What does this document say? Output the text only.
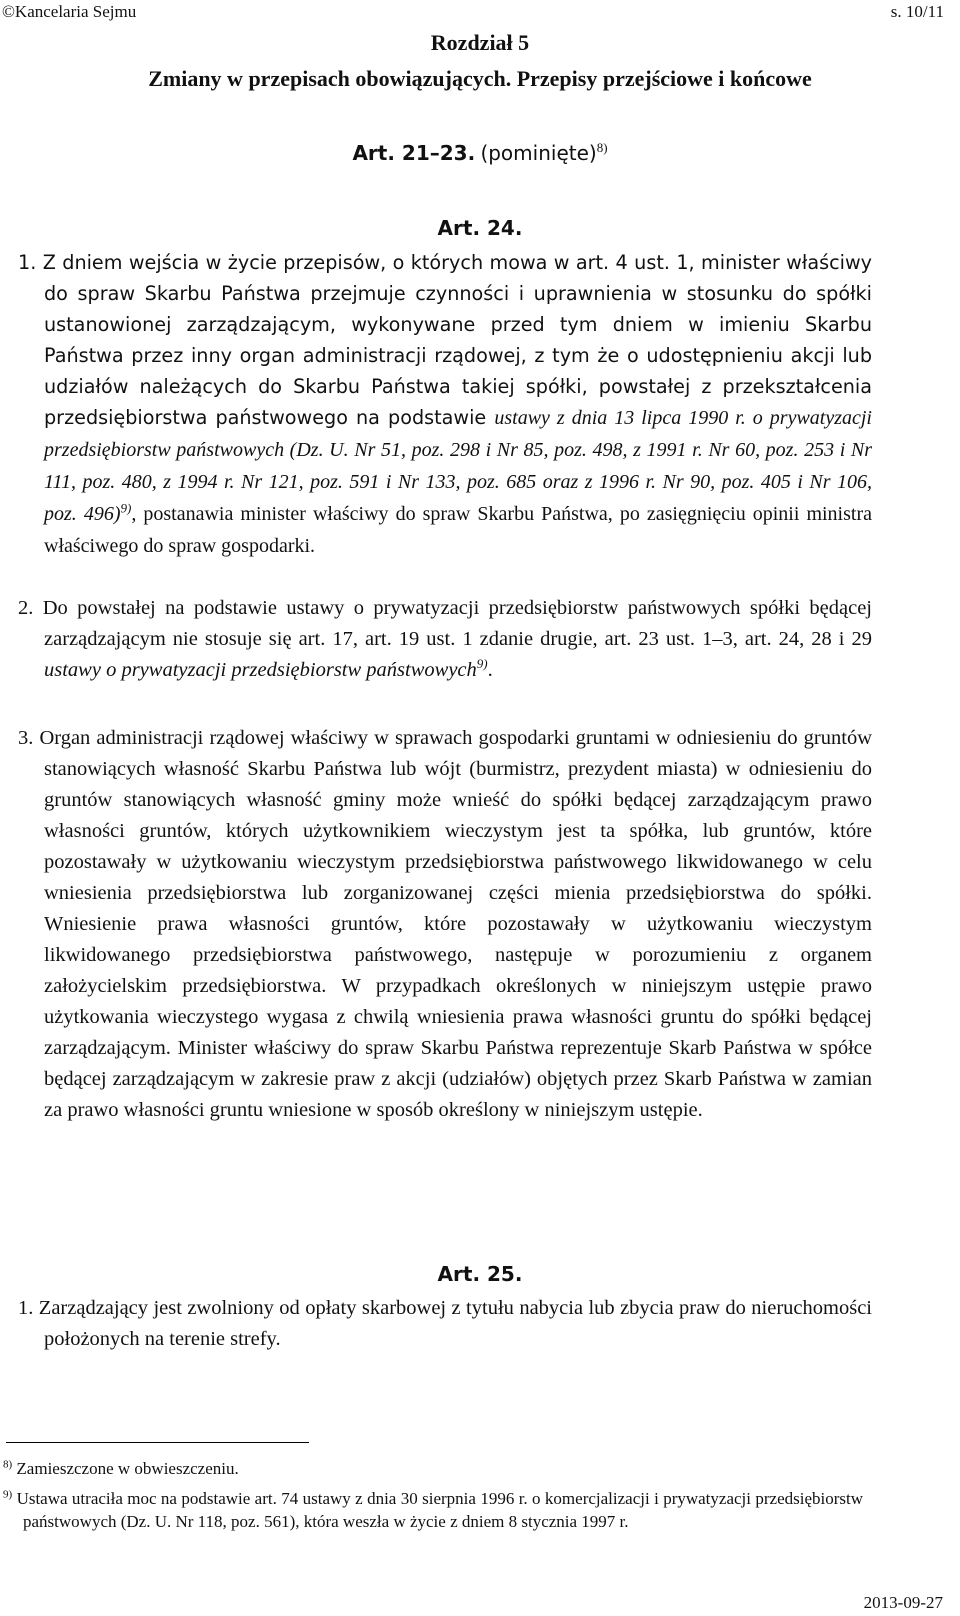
©Kancelaria Sejmu	s. 10/11
Rozdział 5
Zmiany w przepisach obowiązujących. Przepisy przejściowe i końcowe
Art. 21–23. (pominięte)$^{8)}$
Art. 24.
1. Z dniem wejścia w życie przepisów, o których mowa w art. 4 ust. 1, minister właściwy do spraw Skarbu Państwa przejmuje czynności i uprawnienia w stosunku do spółki ustanowionej zarządzającym, wykonywane przed tym dniem w imieniu Skarbu Państwa przez inny organ administracji rządowej, z tym że o udostępnieniu akcji lub udziałów należących do Skarbu Państwa takiej spółki, powstałej z przekształcenia przedsiębiorstwa państwowego na podstawie ustawy z dnia 13 lipca 1990 r. o prywatyzacji przedsiębiorstw państwowych (Dz. U. Nr 51, poz. 298 i Nr 85, poz. 498, z 1991 r. Nr 60, poz. 253 i Nr 111, poz. 480, z 1994 r. Nr 121, poz. 591 i Nr 133, poz. 685 oraz z 1996 r. Nr 90, poz. 405 i Nr 106, poz. 496)$^{9)}$, postanawia minister właściwy do spraw Skarbu Państwa, po zasięgnięciu opinii ministra właściwego do spraw gospodarki.
2. Do powstałej na podstawie ustawy o prywatyzacji przedsiębiorstw państwowych spółki będącej zarządzającym nie stosuje się art. 17, art. 19 ust. 1 zdanie drugie, art. 23 ust. 1–3, art. 24, 28 i 29 ustawy o prywatyzacji przedsiębiorstw państwowych$^{9)}$.
3. Organ administracji rządowej właściwy w sprawach gospodarki gruntami w odniesieniu do gruntów stanowiących własność Skarbu Państwa lub wójt (burmistrz, prezydent miasta) w odniesieniu do gruntów stanowiących własność gminy może wnieść do spółki będącej zarządzającym prawo własności gruntów, których użytkownikiem wieczystym jest ta spółka, lub gruntów, które pozostawały w użytkowaniu wieczystym przedsiębiorstwa państwowego likwidowanego w celu wniesienia przedsiębiorstwa lub zorganizowanej części mienia przedsiębiorstwa do spółki. Wniesienie prawa własności gruntów, które pozostawały w użytkowaniu wieczystym likwidowanego przedsiębiorstwa państwowego, następuje w porozumieniu z organem założycielskim przedsiębiorstwa. W przypadkach określonych w niniejszym ustępie prawo użytkowania wieczystego wygasa z chwilą wniesienia prawa własności gruntu do spółki będącej zarządzającym. Minister właściwy do spraw Skarbu Państwa reprezentuje Skarb Państwa w spółce będącej zarządzającym w zakresie praw z akcji (udziałów) objętych przez Skarb Państwa w zamian za prawo własności gruntu wniesione w sposób określony w niniejszym ustępie.
Art. 25.
1. Zarządzający jest zwolniony od opłaty skarbowej z tytułu nabycia lub zbycia praw do nieruchomości położonych na terenie strefy.
$^{8)}$ Zamieszczone w obwieszczeniu.
$^{9)}$ Ustawa utraciła moc na podstawie art. 74 ustawy z dnia 30 sierpnia 1996 r. o komercjalizacji i prywatyzacji przedsiębiorstw państwowych (Dz. U. Nr 118, poz. 561), która weszła w życie z dniem 8 stycznia 1997 r.
2013-09-27
